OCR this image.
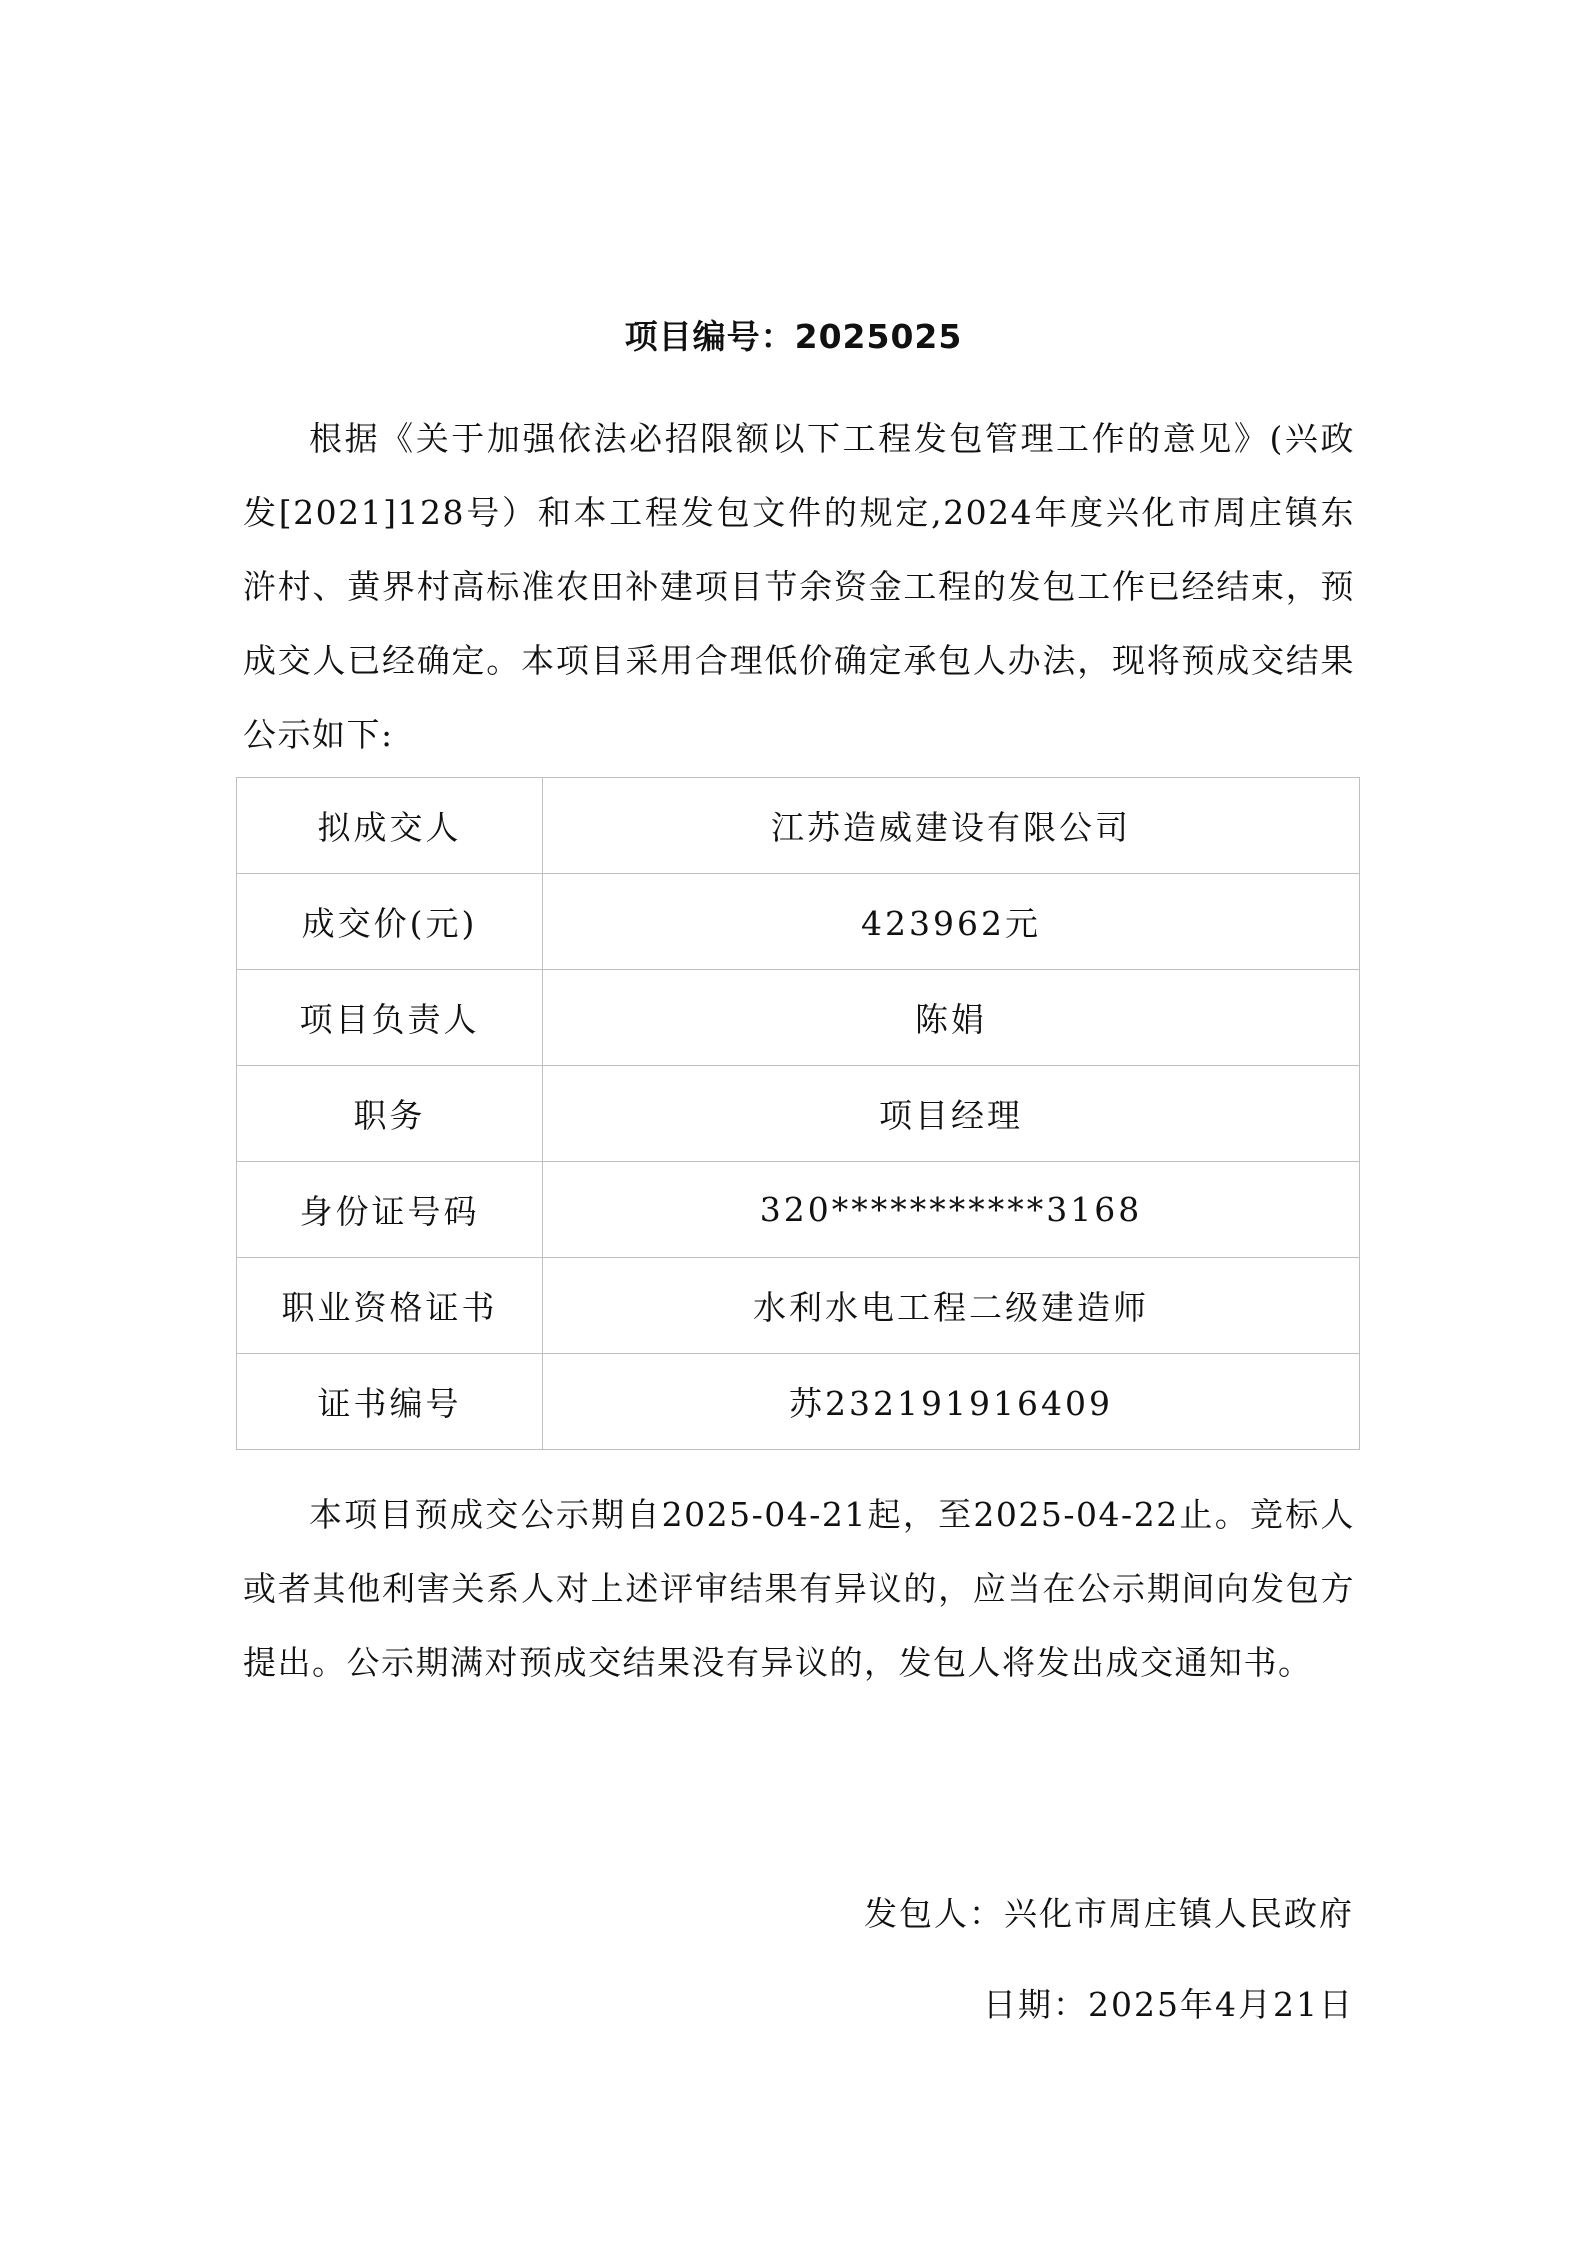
项目编号：2025025

根据《关于加强依法必招限额以下工程发包管理工作的意见》(兴政发[2021]128号）和本工程发包文件的规定,2024年度兴化市周庄镇东浒村、黄界村高标准农田补建项目节余资金工程的发包工作已经结束，预成交人已经确定。本项目采用合理低价确定承包人办法，现将预成交结果公示如下:

拟成交人	江苏造威建设有限公司
成交价(元)	423962元
项目负责人	陈娟
职务	项目经理
身份证号码	320***********3168
职业资格证书	水利水电工程二级建造师
证书编号	苏232191916409

本项目预成交公示期自2025-04-21起，至2025-04-22止。竞标人或者其他利害关系人对上述评审结果有异议的，应当在公示期间向发包方提出。公示期满对预成交结果没有异议的，发包人将发出成交通知书。

发包人：兴化市周庄镇人民政府
日期：2025年4月21日
